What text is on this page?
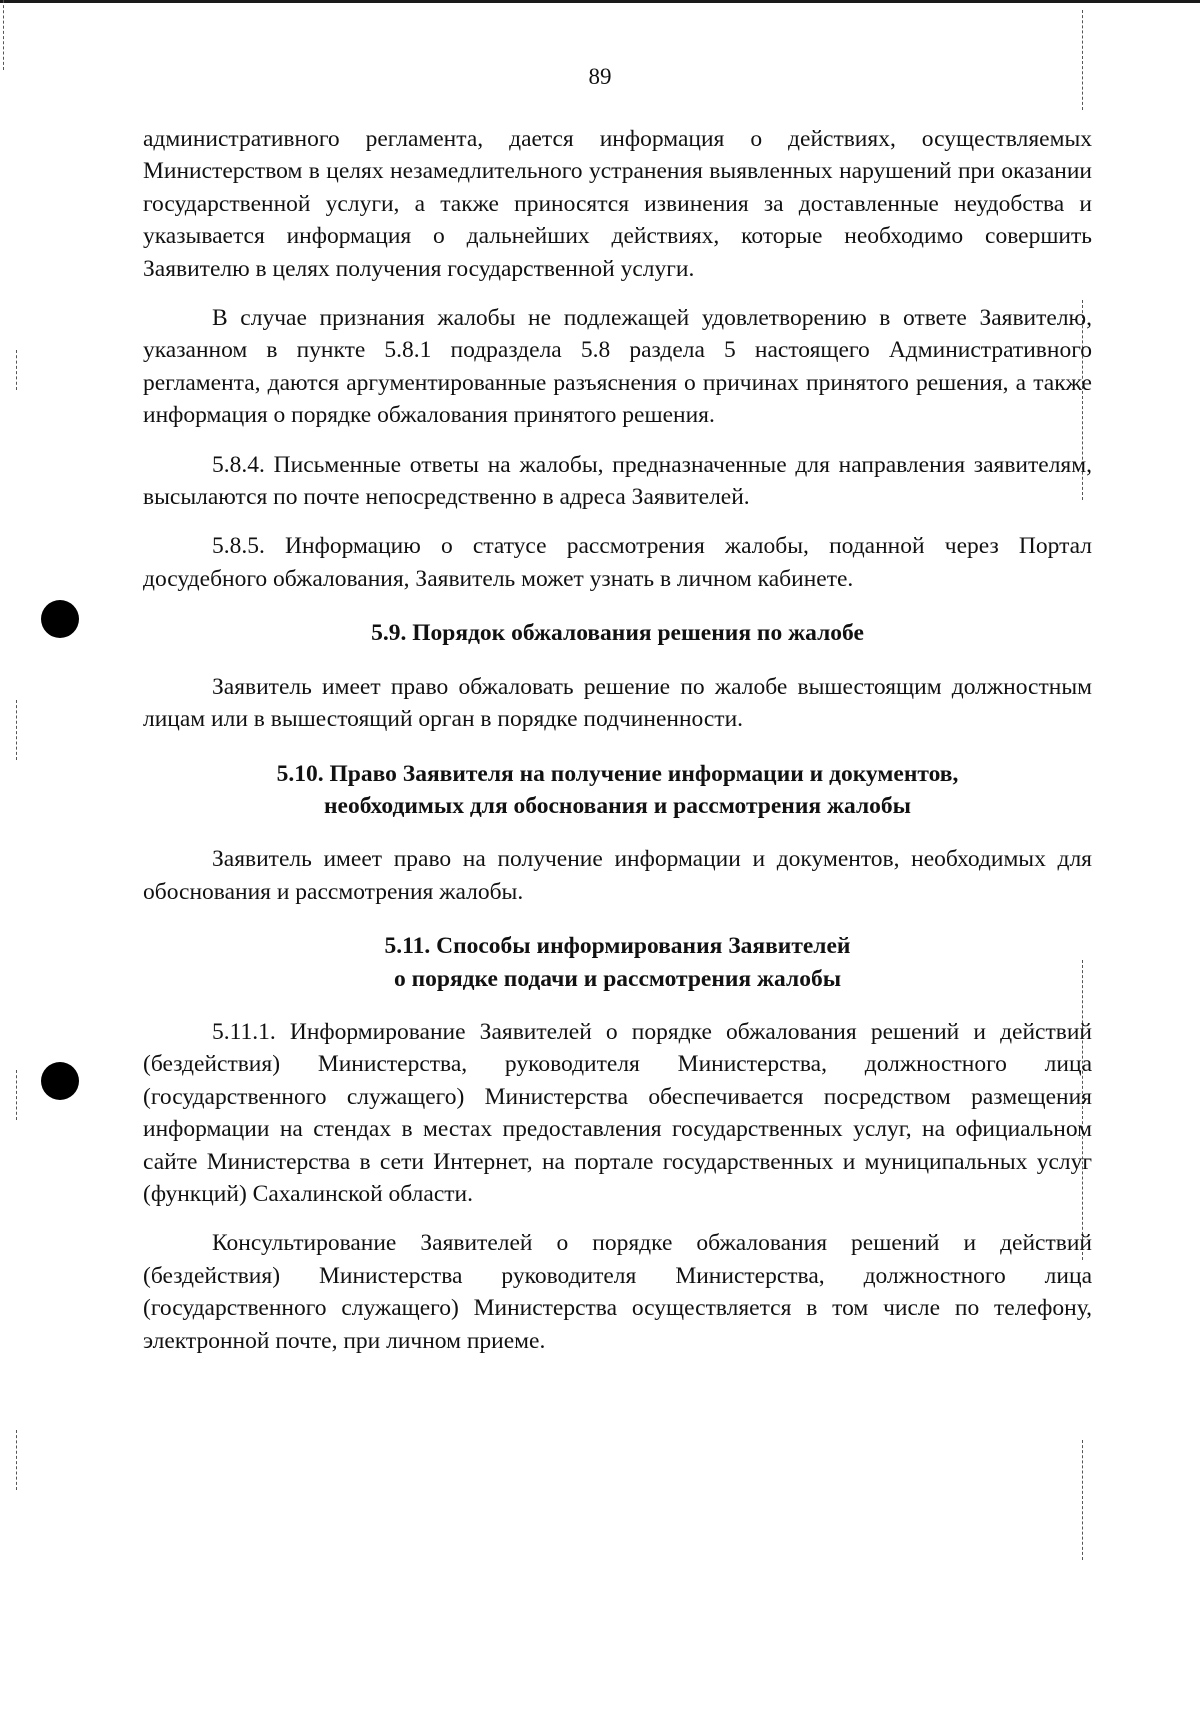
89

административного регламента, дается информация о действиях, осуществляемых Министерством в целях незамедлительного устранения выявленных нарушений при оказании государственной услуги, а также приносятся извинения за доставленные неудобства и указывается информация о дальнейших действиях, которые необходимо совершить Заявителю в целях получения государственной услуги.

В случае признания жалобы не подлежащей удовлетворению в ответе Заявителю, указанном в пункте 5.8.1 подраздела 5.8 раздела 5 настоящего Административного регламента, даются аргументированные разъяснения о причинах принятого решения, а также информация о порядке обжалования принятого решения.

5.8.4. Письменные ответы на жалобы, предназначенные для направления заявителям, высылаются по почте непосредственно в адреса Заявителей.

5.8.5. Информацию о статусе рассмотрения жалобы, поданной через Портал досудебного обжалования, Заявитель может узнать в личном кабинете.

5.9. Порядок обжалования решения по жалобе

Заявитель имеет право обжаловать решение по жалобе вышестоящим должностным лицам или в вышестоящий орган в порядке подчиненности.

5.10. Право Заявителя на получение информации и документов,
необходимых для обоснования и рассмотрения жалобы

Заявитель имеет право на получение информации и документов, необходимых для обоснования и рассмотрения жалобы.

5.11. Способы информирования Заявителей
о порядке подачи и рассмотрения жалобы

5.11.1. Информирование Заявителей о порядке обжалования решений и действий (бездействия) Министерства, руководителя Министерства, должностного лица (государственного служащего) Министерства обеспечивается посредством размещения информации на стендах в местах предоставления государственных услуг, на официальном сайте Министерства в сети Интернет, на портале государственных и муниципальных услуг (функций) Сахалинской области.

Консультирование Заявителей о порядке обжалования решений и действий (бездействия) Министерства руководителя Министерства, должностного лица (государственного служащего) Министерства осуществляется в том числе по телефону, электронной почте, при личном приеме.
